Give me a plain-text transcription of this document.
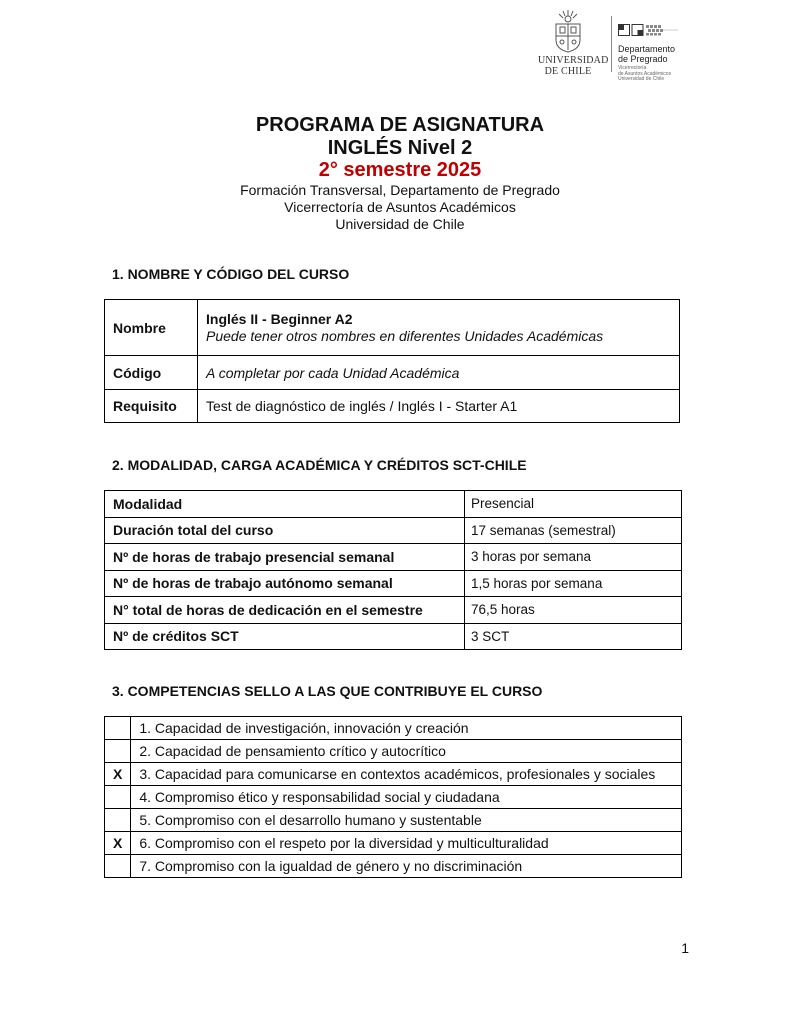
UNIVERSIDAD DE CHILE
Departamento
de Pregrado
Vicerrectoría
de Asuntos Académicos
Universidad de Chile
PROGRAMA DE ASIGNATURA
INGLÉS Nivel 2
2° semestre 2025
Formación Transversal, Departamento de Pregrado
Vicerrectoría de Asuntos Académicos
Universidad de Chile
1. NOMBRE Y CÓDIGO DEL CURSO
Nombre	Inglés II - Beginner A2
Puede tener otros nombres en diferentes Unidades Académicas

Código	A completar por cada Unidad Académica
Requisito	Test de diagnóstico de inglés / Inglés I - Starter A1
2. MODALIDAD, CARGA ACADÉMICA Y CRÉDITOS SCT-CHILE
Modalidad	Presencial
Duración total del curso	17 semanas (semestral)
Nº de horas de trabajo presencial semanal	3 horas por semana
Nº de horas de trabajo autónomo semanal	1,5 horas por semana
N° total de horas de dedicación en el semestre	76,5 horas
Nº de créditos SCT	3 SCT
3. COMPETENCIAS SELLO A LAS QUE CONTRIBUYE EL CURSO
	1. Capacidad de investigación, innovación y creación
	2. Capacidad de pensamiento crítico y autocrítico
X	3. Capacidad para comunicarse en contextos académicos, profesionales y sociales
	4. Compromiso ético y responsabilidad social y ciudadana
	5. Compromiso con el desarrollo humano y sustentable
X	6. Compromiso con el respeto por la diversidad y multiculturalidad
	7. Compromiso con la igualdad de género y no discriminación
1
